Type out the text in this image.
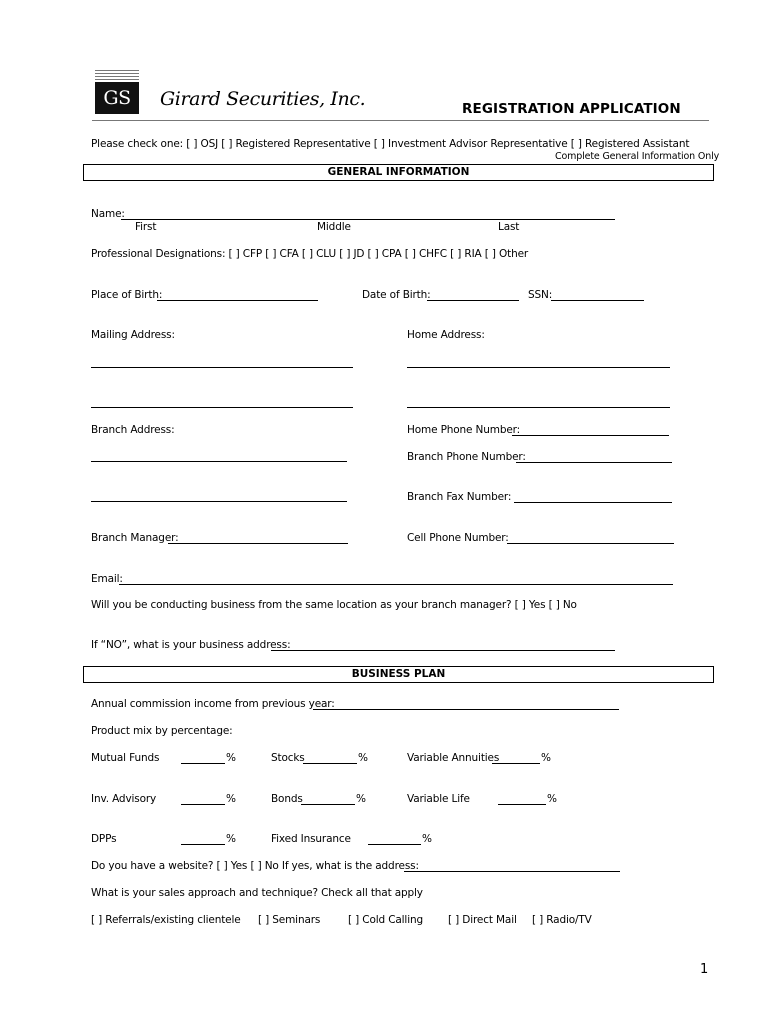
GS	Girard Securities, Inc.	REGISTRATION APPLICATION
Please check one: [ ] OSJ [ ] Registered Representative [ ] Investment Advisor Representative [ ] Registered Assistant
Complete General Information Only
GENERAL INFORMATION
Name:
First	Middle	Last
Professional Designations: [ ] CFP [ ] CFA [ ] CLU [ ] JD [ ] CPA [ ] CHFC [ ] RIA [ ] Other
Place of Birth:	Date of Birth:	SSN:
Mailing Address:	Home Address:
Branch Address:	Home Phone Number:
Branch Phone Number:
Branch Fax Number:
Branch Manager:	Cell Phone Number:
Email:
Will you be conducting business from the same location as your branch manager? [ ] Yes [ ] No
If “NO”, what is your business address:
BUSINESS PLAN
Annual commission income from previous year:
Product mix by percentage:
Mutual Funds	%	Stocks	%	Variable Annuities	%
Inv. Advisory	%	Bonds	%	Variable Life	%
DPPs	%	Fixed Insurance	%
Do you have a website? [ ] Yes [ ] No If yes, what is the address:
What is your sales approach and technique? Check all that apply
[ ] Referrals/existing clientele [ ] Seminars	[ ] Cold Calling [ ] Direct Mail [ ] Radio/TV
1
